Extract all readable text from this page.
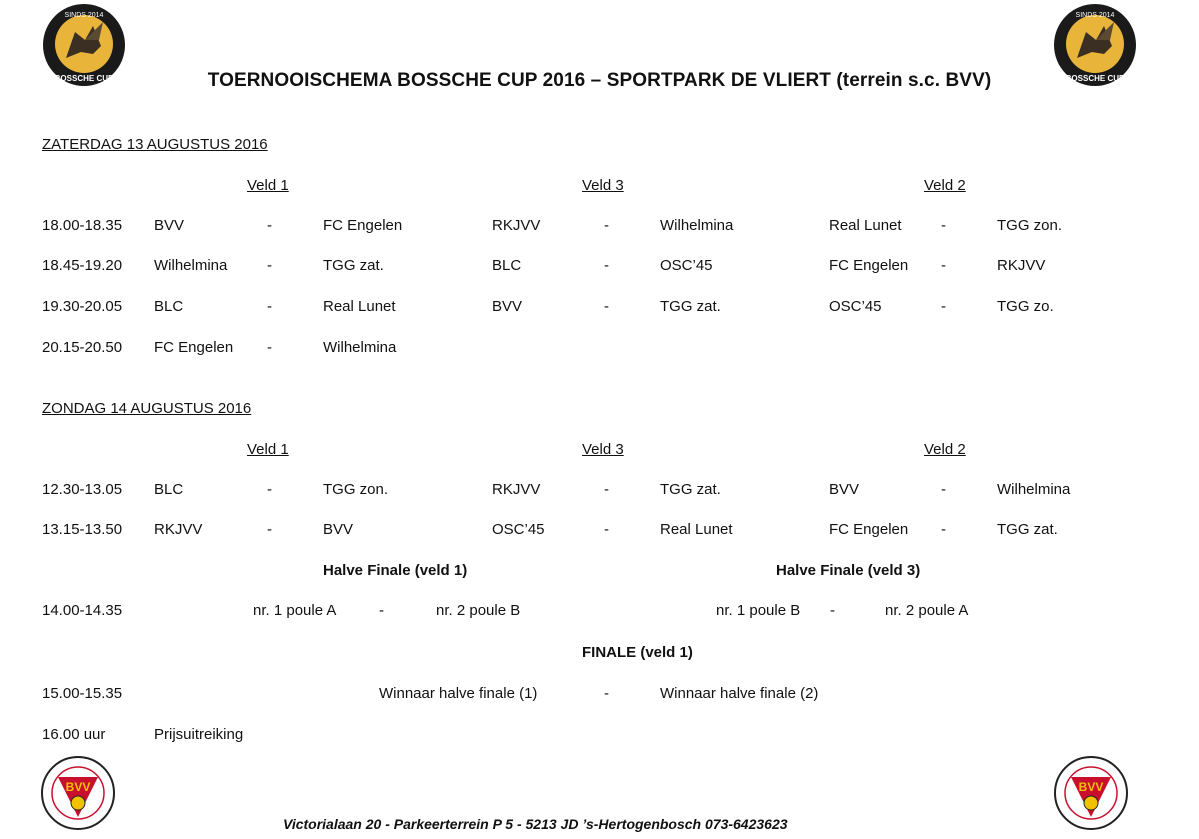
SINDS 2014
BOSSCHE CUP
SINDS 2014
BOSSCHE CUP
TOERNOOISCHEMA BOSSCHE CUP 2016 – SPORTPARK DE VLIERT (terrein s.c. BVV)
ZATERDAG 13 AUGUSTUS 2016
Veld 1	Veld 3	Veld 2
18.00-18.35 BVV	-	FC Engelen	RKJVV	-	Wilhelmina	Real Lunet	-	TGG zon.
18.45-19.20 Wilhelmina	-	TGG zat.	BLC	-	OSC’45	FC Engelen -	RKJVV
19.30-20.05 BLC	-	Real Lunet	BVV	-	TGG zat.	OSC’45	-	TGG zo.
20.15-20.50 FC Engelen -	Wilhelmina
ZONDAG 14 AUGUSTUS 2016
Veld 1	Veld 3	Veld 2
12.30-13.05 BLC	-	TGG zon.	RKJVV	-	TGG zat.	BVV	-	Wilhelmina
13.15-13.50 RKJVV	-	BVV	OSC’45	-	Real Lunet	FC Engelen -	TGG zat.
Halve Finale (veld 1)	Halve Finale (veld 3)
14.00-14.35	nr. 1 poule A	-	nr. 2 poule B	nr. 1 poule B -	nr. 2 poule A
FINALE (veld 1)
15.00-15.35	Winnaar halve finale (1)	-	Winnaar halve finale (2)
16.00 uur	Prijsuitreiking
BVV	BVV
Victorialaan 20 - Parkeerterrein P 5 - 5213 JD ’s-Hertogenbosch 073-6423623
